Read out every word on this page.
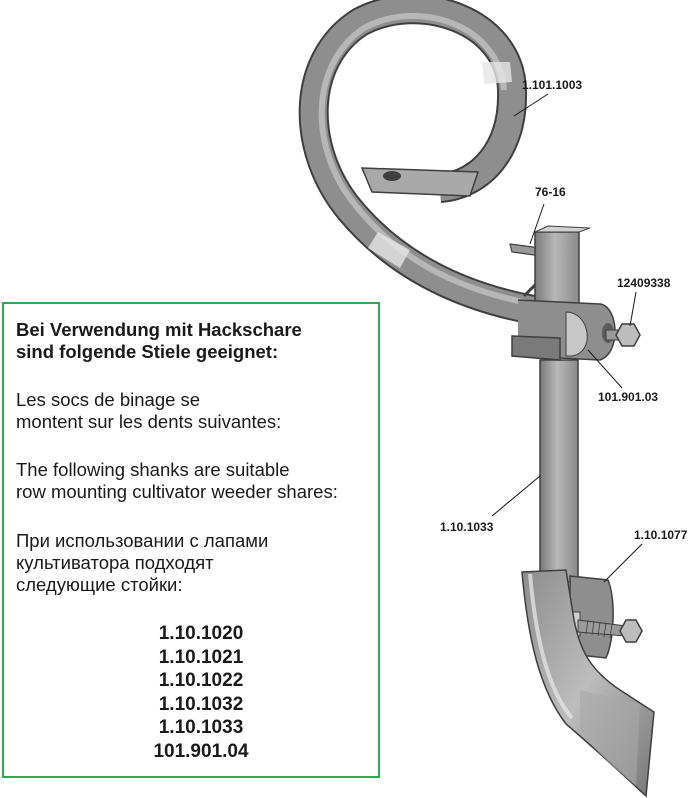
1.101.1003
76-16
12409338
101.901.03
1.10.1033
1.10.1077

Bei Verwendung mit Hackschare
sind folgende Stiele geeignet:

Les socs de binage se
montent sur les dents suivantes:

The following shanks are suitable
row mounting cultivator weeder shares:

При использовании с лапами
культиватора подходят
следующие стойки:

1.10.1020
1.10.1021
1.10.1022
1.10.1032
1.10.1033
101.901.04
